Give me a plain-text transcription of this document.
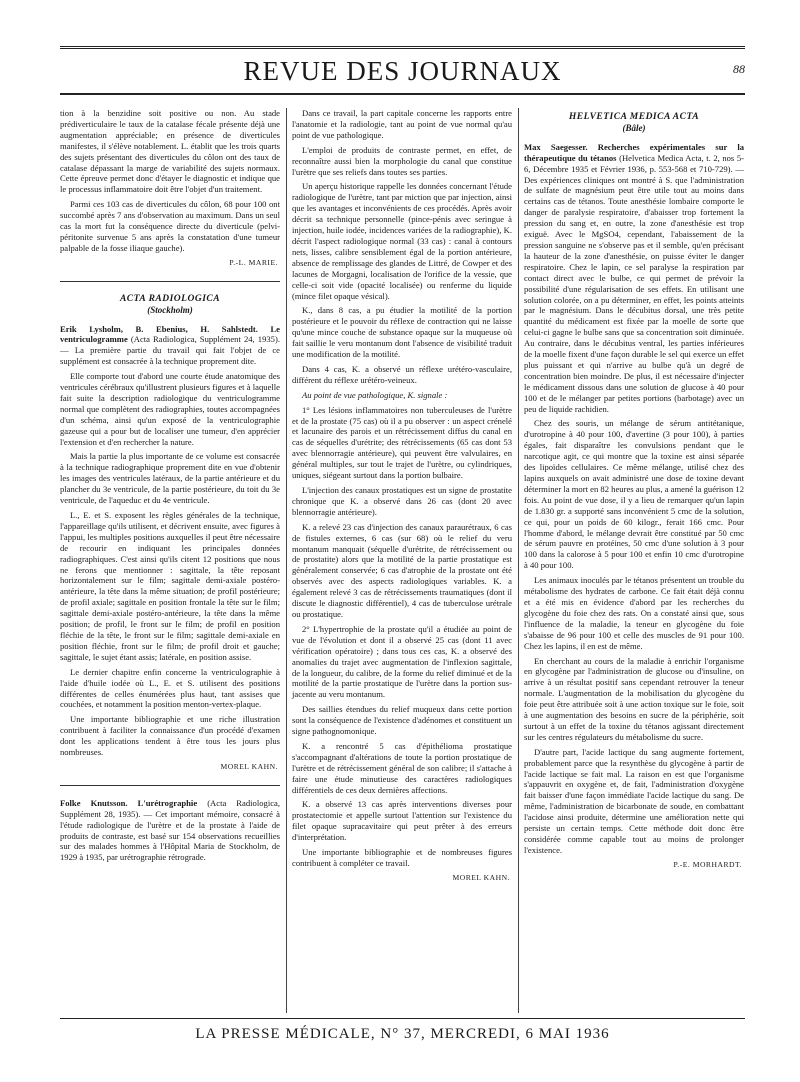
REVUE DES JOURNAUX	88

tion à la benzidine soit positive ou non. Au stade prédiverticulaire le taux de la catalase fécale présente déjà une augmentation appréciable; en présence de diverticules manifestes, il s'élève notablement. L. établit que les trois quarts des sujets présentant des diverticules du côlon ont des taux de catalase dépassant la marge de variabilité des sujets normaux. Cette épreuve permet donc d'étayer le diagnostic et indique que le processus inflammatoire doit être l'objet d'un traitement.

Parmi ces 103 cas de diverticules du côlon, 68 pour 100 ont succombé après 7 ans d'observation au maximum. Dans un seul cas la mort fut la conséquence directe du diverticule (pelvi-péritonite survenue 5 ans après la constatation d'une tumeur palpable de la fosse iliaque gauche).

P.-L. MARIE.

ACTA RADIOLOGICA
(Stockholm)

Erik Lysholm, B. Ebenius, H. Sahlstedt. Le ventriculogramme (Acta Radiologica, Supplément 24, 1935). — La première partie du travail qui fait l'objet de ce supplément est consacrée à la technique proprement dite.

Elle comporte tout d'abord une courte étude anatomique des ventricules cérébraux qu'illustrent plusieurs figures et à laquelle fait suite la description radiologique du ventriculogramme normal que complètent des radiographies, toutes accompagnées d'un schéma, ainsi qu'un exposé de la ventriculographie gazeuse qui a pour but de localiser une tumeur, d'en apprécier l'extension et d'en rechercher la nature.

Mais la partie la plus importante de ce volume est consacrée à la technique radiographique proprement dite en vue d'obtenir les images des ventricules latéraux, de la partie antérieure et du plancher du 3e ventricule, de la partie postérieure, du toit du 3e ventricule, de l'aqueduc et du 4e ventricule.

L., E. et S. exposent les règles générales de la technique, l'appareillage qu'ils utilisent, et décrivent ensuite, avec figures à l'appui, les multiples positions auxquelles il peut être nécessaire de recourir en indiquant les principales données radiographiques. C'est ainsi qu'ils citent 12 positions que nous ne ferons que mentionner : sagittale, la tête reposant horizontalement sur le film; sagittale demi-axiale postéro-antérieure, la tête dans la même situation; de profil postérieure; de profil axiale; sagittale en position frontale la tête sur le film; sagittale demi-axiale postéro-antérieure, la tête dans la même position; de profil, le front sur le film; de profil en position fléchie de la tête, le front sur le film; sagittale demi-axiale en position fléchie, front sur le film; de profil droit et gauche; sagittale, le sujet étant assis; latérale, en position assise.

Le dernier chapitre enfin concerne la ventriculographie à l'aide d'huile iodée où L., E. et S. utilisent des positions différentes de celles énumérées plus haut, tant assises que couchées, et notamment la position menton-vertex-plaque.

Une importante bibliographie et une riche illustration contribuent à faciliter la connaissance d'un procédé d'examen dont les applications tendent à être tous les jours plus nombreuses.

MOREL KAHN.

Folke Knutsson. L'urétrographie (Acta Radiologica, Supplément 28, 1935). — Cet important mémoire, consacré à l'étude radiologique de l'urètre et de la prostate à l'aide de produits de contraste, est basé sur 154 observations recueillies sur des malades hommes à l'Hôpital Maria de Stockholm, de 1929 à 1935, par urétrographie rétrograde.

Dans ce travail, la part capitale concerne les rapports entre l'anatomie et la radiologie, tant au point de vue normal qu'au point de vue pathologique.

L'emploi de produits de contraste permet, en effet, de reconnaître aussi bien la morphologie du canal que constitue l'urètre que ses reliefs dans toutes ses parties.

Un aperçu historique rappelle les données concernant l'étude radiologique de l'urètre, tant par miction que par injection, ainsi que les avantages et inconvénients de ces procédés. Après avoir décrit sa technique personnelle (pince-pénis avec seringue à injection, huile iodée, incidences variées de la radiographie), K. décrit l'aspect radiologique normal (33 cas) : canal à contours nets, lisses, calibre sensiblement égal de la portion antérieure, absence de remplissage des glandes de Littré, de Cowper et des lacunes de Morgagni, localisation de l'orifice de la vessie, que celle-ci soit vide (opacité localisée) ou renferme du liquide (mince filet opaque vésical).

K., dans 8 cas, a pu étudier la motilité de la portion postérieure et le pouvoir du réflexe de contraction qui ne laisse qu'une mince couche de substance opaque sur la muqueuse où fait saillie le veru montanum dont l'absence de visibilité traduit une modification de la motilité.

Dans 4 cas, K. a observé un réflexe urétéro-vasculaire, différent du réflexe urétéro-veineux.

Au point de vue pathologique, K. signale :

1° Les lésions inflammatoires non tuberculeuses de l'urètre et de la prostate (75 cas) où il a pu observer : un aspect crénelé et lacunaire des parois et un rétrécissement diffus du canal en cas de séquelles d'urétrite; des rétrécissements (65 cas dont 53 avec blennorragie antérieure), qui peuvent être valvulaires, en général multiples, sur tout le trajet de l'urètre, ou cylindriques, uniques, siégeant surtout dans la portion bulbaire.

L'injection des canaux prostatiques est un signe de prostatite chronique que K. a observé dans 26 cas (dont 20 avec blennorragie antérieure).

K. a relevé 23 cas d'injection des canaux paraurétraux, 6 cas de fistules externes, 6 cas (sur 68) où le relief du veru montanum manquait (séquelle d'urétrite, de rétrécissement ou de prostatite) alors que la motilité de la partie prostatique est généralement conservée; 6 cas d'atrophie de la prostate ont été observés avec des aspects radiologiques variables. K. a également relevé 3 cas de rétrécissements traumatiques (dont il discute le diagnostic différentiel), 4 cas de tuberculose urétrale ou prostatique.

2° L'hypertrophie de la prostate qu'il a étudiée au point de vue de l'évolution et dont il a observé 25 cas (dont 11 avec vérification opératoire) ; dans tous ces cas, K. a observé des anomalies du trajet avec augmentation de l'inflexion sagittale, de la longueur, du calibre, de la forme du relief diminué et de la motilité de la partie prostatique de l'urètre dans la portion sus-jacente au veru montanum.

Des saillies étendues du relief muqueux dans cette portion sont la conséquence de l'existence d'adénomes et constituent un signe pathognomonique.

K. a rencontré 5 cas d'épithélioma prostatique s'accompagnant d'altérations de toute la portion prostatique de l'urètre et de rétrécissement général de son calibre; il s'attache à faire une étude minutieuse des caractères radiologiques différentiels de ces deux dernières affections.

K. a observé 13 cas après interventions diverses pour prostatectomie et appelle surtout l'attention sur l'existence du filet opaque supracavitaire qui peut prêter à des erreurs d'interprétation.

Une importante bibliographie et de nombreuses figures contribuent à compléter ce travail.

MOREL KAHN.

HELVETICA MEDICA ACTA
(Bâle)

Max Saegesser. Recherches expérimentales sur la thérapeutique du tétanos (Helvetica Medica Acta, t. 2, nos 5-6, Décembre 1935 et Février 1936, p. 553-568 et 710-729). — Des expériences cliniques ont montré à S. que l'administration de sulfate de magnésium peut être utile tout au moins dans certains cas de tétanos. Toute anesthésie lombaire comporte le danger de paralysie respiratoire, d'abaisser trop fortement la pression du sang et, en outre, la zone d'anesthésie est trop exiguë. Avec le MgSO4, cependant, l'abaissement de la pression sanguine ne s'observe pas et il semble, qu'en précisant la hauteur de la zone d'anesthésie, on puisse éviter le danger respiratoire. Chez le lapin, ce sel paralyse la respiration par contact direct avec le bulbe, ce qui permet de prévoir la possibilité d'une régularisation de ses effets. En utilisant une solution colorée, on a pu déterminer, en effet, les points atteints par le magnésium. Dans le décubitus dorsal, une très petite quantité du médicament est fixée par la moelle de sorte que celui-ci gagne le bulbe sans que sa concentration soit diminuée. Au contraire, dans le décubitus ventral, les parties inférieures de la moelle fixent d'une façon durable le sel qui exerce un effet plus puissant et qui n'arrive au bulbe qu'à un degré de concentration bien moindre. De plus, il est nécessaire d'injecter le médicament dissous dans une solution de glucose à 40 pour 100 et de le mélanger par petites portions (barbotage) avec un peu de liquide rachidien.

Chez des souris, un mélange de sérum antitétanique, d'urotropine à 40 pour 100, d'avertine (3 pour 100), à parties égales, fait disparaître les convulsions pendant que le narcotique agit, ce qui montre que la toxine est ainsi séparée des lipoïdes cellulaires. Ce même mélange, utilisé chez des lapins auxquels on avait administré une dose de toxine devant déterminer la mort en 82 heures au plus, a amené la guérison 12 fois. Au point de vue dose, il y a lieu de remarquer qu'un lapin de 1.830 gr. a supporté sans inconvénient 5 cmc de la solution, ce qui, pour un poids de 60 kilogr., ferait 166 cmc. Pour l'homme d'abord, le mélange devrait être constitué par 50 cmc de sérum pauvre en protéines, 50 cmc d'une solution à 3 pour 100 dans la calorose à 5 pour 100 et enfin 10 cmc d'urotropine à 40 pour 100.

Les animaux inoculés par le tétanos présentent un trouble du métabolisme des hydrates de carbone. Ce fait était déjà connu et a été mis en évidence d'abord par les recherches du glycogène du foie chez des rats. On a constaté ainsi que, sous l'influence de la maladie, la teneur en glycogène du foie s'abaisse de 96 pour 100 et celle des muscles de 91 pour 100. Chez les lapins, il en est de même.

En cherchant au cours de la maladie à enrichir l'organisme en glycogène par l'administration de glucose ou d'insuline, on arrive à un résultat positif sans cependant retrouver la teneur normale. L'augmentation de la mobilisation du glycogène du foie peut être attribuée soit à une action toxique sur le foie, soit à une augmentation des besoins en sucre de la périphérie, soit surtout à un effet de la toxine du tétanos agissant directement sur les centres régulateurs du métabolisme du sucre.

D'autre part, l'acide lactique du sang augmente fortement, probablement parce que la resynthèse du glycogène à partir de l'acide lactique se fait mal. La raison en est que l'organisme s'appauvrit en oxygène et, de fait, l'administration d'oxygène fait baisser d'une façon immédiate l'acide lactique du sang. De même, l'administration de bicarbonate de soude, en combattant l'acidose ainsi produite, détermine une amélioration nette qui persiste un certain temps. Cette méthode doit donc être considérée comme capable tout au moins de prolonger l'existence.

P.-E. MORHARDT.

LA PRESSE MÉDICALE, N° 37, MERCREDI, 6 MAI 1936
